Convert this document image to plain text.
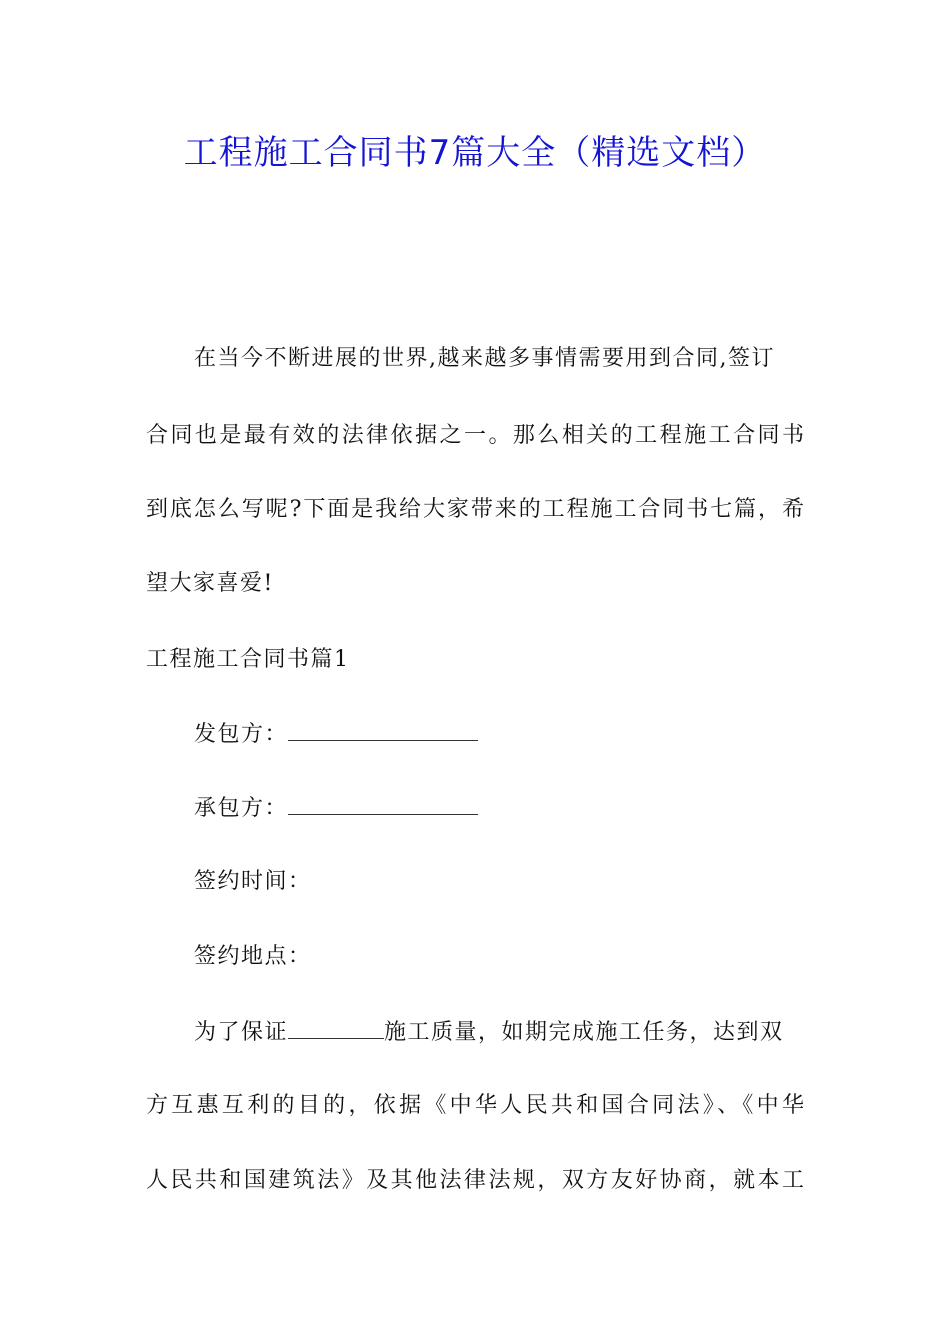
工程施工合同书7篇大全（精选文档）
在当今不断进展的世界,越来越多事情需要用到合同,签订
合同也是最有效的法律依据之一。那么相关的工程施工合同书
到底怎么写呢?下面是我给大家带来的工程施工合同书七篇，希
望大家喜爱!
工程施工合同书篇1
发包方：
承包方：
签约时间：
签约地点：
为了保证	施工质量，如期完成施工任务，达到双
方互惠互利的目的，依据《中华人民共和国合同法》、《中华
人民共和国建筑法》及其他法律法规，双方友好协商，就本工
